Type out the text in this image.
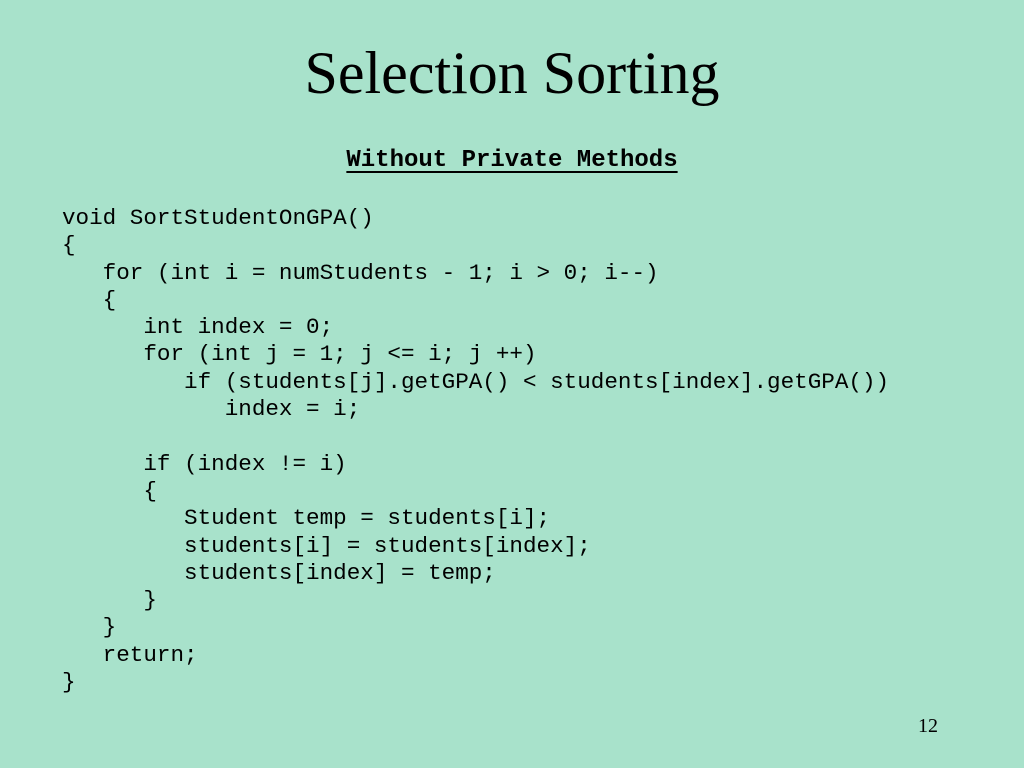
Selection Sorting
Without Private Methods
void SortStudentOnGPA()
{
for (int i = numStudents - 1; i > 0; i--)
{
int index = 0;
for (int j = 1; j <= i; j ++)
if (students[j].getGPA() < students[index].getGPA())
index = i;
if (index != i)
{
Student temp = students[i];
students[i] = students[index];
students[index] = temp;
}
}
return;
}
12
